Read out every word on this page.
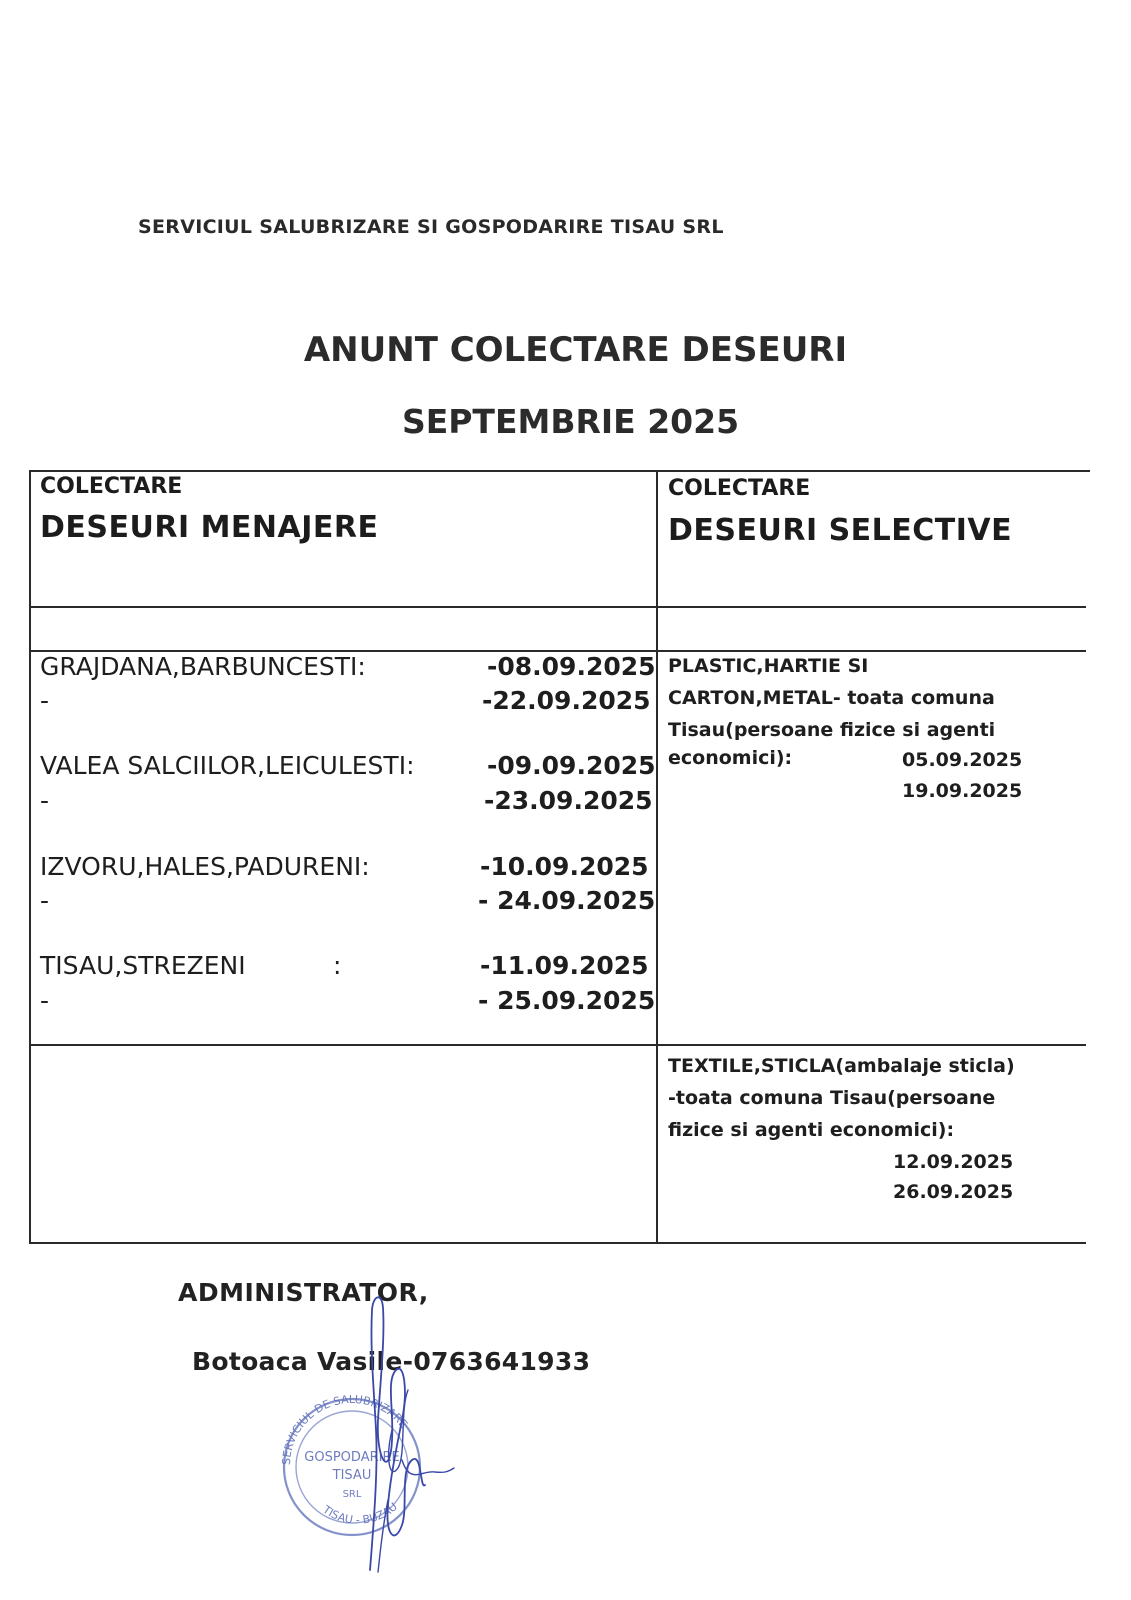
SERVICIUL SALUBRIZARE SI GOSPODARIRE TISAU SRL
ANUNT COLECTARE DESEURI
SEPTEMBRIE 2025
COLECTARE
DESEURI MENAJERE
COLECTARE
DESEURI SELECTIVE
GRAJDANA,BARBUNCESTI:	-08.09.2025
-	-22.09.2025
VALEA SALCIILOR,LEICULESTI:	-09.09.2025
-	-23.09.2025
IZVORU,HALES,PADURENI:	-10.09.2025
-	- 24.09.2025
TISAU,STREZENI	:	-11.09.2025
-	- 25.09.2025
PLASTIC,HARTIE SI
CARTON,METAL- toata comuna
Tisau(persoane fizice si agenti
economici):	05.09.2025
19.09.2025
TEXTILE,STICLA(ambalaje sticla)
-toata comuna Tisau(persoane
fizice si agenti economici):
12.09.2025
26.09.2025
ADMINISTRATOR,
Botoaca Vasile-0763641933
SERVICIUL DE SALUBRIZARE
GOSPODARIRE
TISAU
SRL
TISAU - BUZAU
